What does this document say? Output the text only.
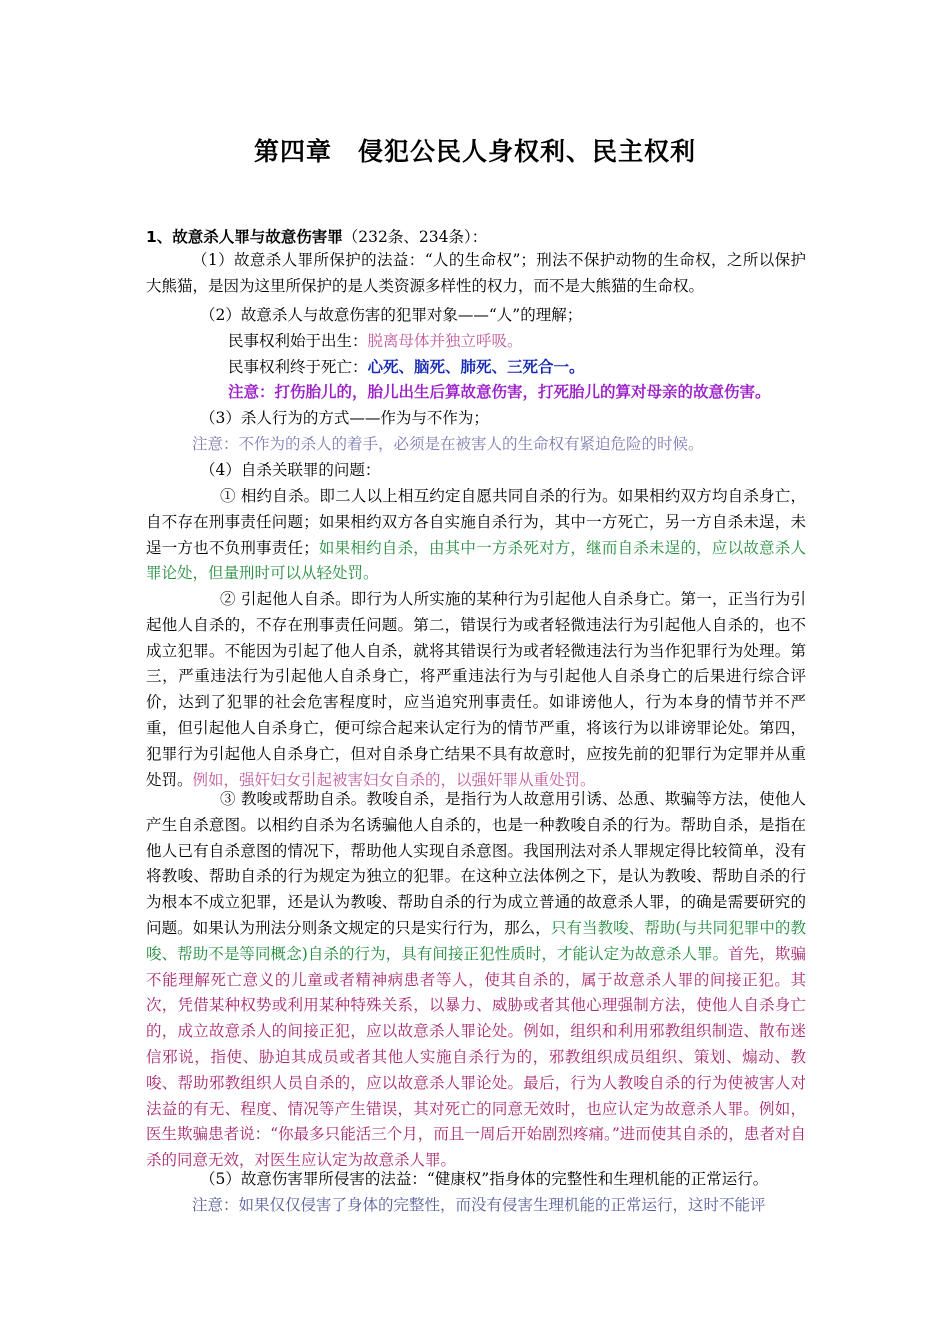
第四章　侵犯公民人身权利、民主权利
1、故意杀人罪与故意伤害罪（232条、234条）：
（1）故意杀人罪所保护的法益：“人的生命权”；刑法不保护动物的生命权，之所以保护大熊猫，是因为这里所保护的是人类资源多样性的权力，而不是大熊猫的生命权。
（2）故意杀人与故意伤害的犯罪对象——“人”的理解；
民事权利始于出生：脱离母体并独立呼吸。
民事权利终于死亡：心死、脑死、肺死、三死合一。
注意：打伤胎儿的，胎儿出生后算故意伤害，打死胎儿的算对母亲的故意伤害。
（3）杀人行为的方式——作为与不作为；
注意：不作为的杀人的着手，必须是在被害人的生命权有紧迫危险的时候。
（4）自杀关联罪的问题：
① 相约自杀。即二人以上相互约定自愿共同自杀的行为。如果相约双方均自杀身亡，自不存在刑事责任问题；如果相约双方各自实施自杀行为，其中一方死亡，另一方自杀未逞，未逞一方也不负刑事责任；如果相约自杀，由其中一方杀死对方，继而自杀未逞的，应以故意杀人罪论处，但量刑时可以从轻处罚。
② 引起他人自杀。即行为人所实施的某种行为引起他人自杀身亡。第一，正当行为引起他人自杀的，不存在刑事责任问题。第二，错误行为或者轻微违法行为引起他人自杀的，也不成立犯罪。不能因为引起了他人自杀，就将其错误行为或者轻微违法行为当作犯罪行为处理。第三，严重违法行为引起他人自杀身亡，将严重违法行为与引起他人自杀身亡的后果进行综合评价，达到了犯罪的社会危害程度时，应当追究刑事责任。如诽谤他人，行为本身的情节并不严重，但引起他人自杀身亡，便可综合起来认定行为的情节严重，将该行为以诽谤罪论处。第四，犯罪行为引起他人自杀身亡，但对自杀身亡结果不具有故意时，应按先前的犯罪行为定罪并从重处罚。例如，强奸妇女引起被害妇女自杀的，以强奸罪从重处罚。
③ 教唆或帮助自杀。教唆自杀，是指行为人故意用引诱、怂恿、欺骗等方法，使他人产生自杀意图。以相约自杀为名诱骗他人自杀的，也是一种教唆自杀的行为。帮助自杀，是指在他人已有自杀意图的情况下，帮助他人实现自杀意图。我国刑法对杀人罪规定得比较简单，没有将教唆、帮助自杀的行为规定为独立的犯罪。在这种立法体例之下，是认为教唆、帮助自杀的行为根本不成立犯罪，还是认为教唆、帮助自杀的行为成立普通的故意杀人罪，的确是需要研究的问题。如果认为刑法分则条文规定的只是实行行为，那么，只有当教唆、帮助(与共同犯罪中的教唆、帮助不是等同概念)自杀的行为，具有间接正犯性质时，才能认定为故意杀人罪。首先，欺骗不能理解死亡意义的儿童或者精神病患者等人，使其自杀的，属于故意杀人罪的间接正犯。其次，凭借某种权势或利用某种特殊关系，以暴力、威胁或者其他心理强制方法，使他人自杀身亡的，成立故意杀人的间接正犯，应以故意杀人罪论处。例如，组织和利用邪教组织制造、散布迷信邪说，指使、胁迫其成员或者其他人实施自杀行为的，邪教组织成员组织、策划、煽动、教唆、帮助邪教组织人员自杀的，应以故意杀人罪论处。最后，行为人教唆自杀的行为使被害人对法益的有无、程度、情况等产生错误，其对死亡的同意无效时，也应认定为故意杀人罪。例如，医生欺骗患者说：“你最多只能活三个月，而且一周后开始剧烈疼痛。”进而使其自杀的，患者对自杀的同意无效，对医生应认定为故意杀人罪。
（5）故意伤害罪所侵害的法益：“健康权”指身体的完整性和生理机能的正常运行。
注意：如果仅仅侵害了身体的完整性，而没有侵害生理机能的正常运行，这时不能评
